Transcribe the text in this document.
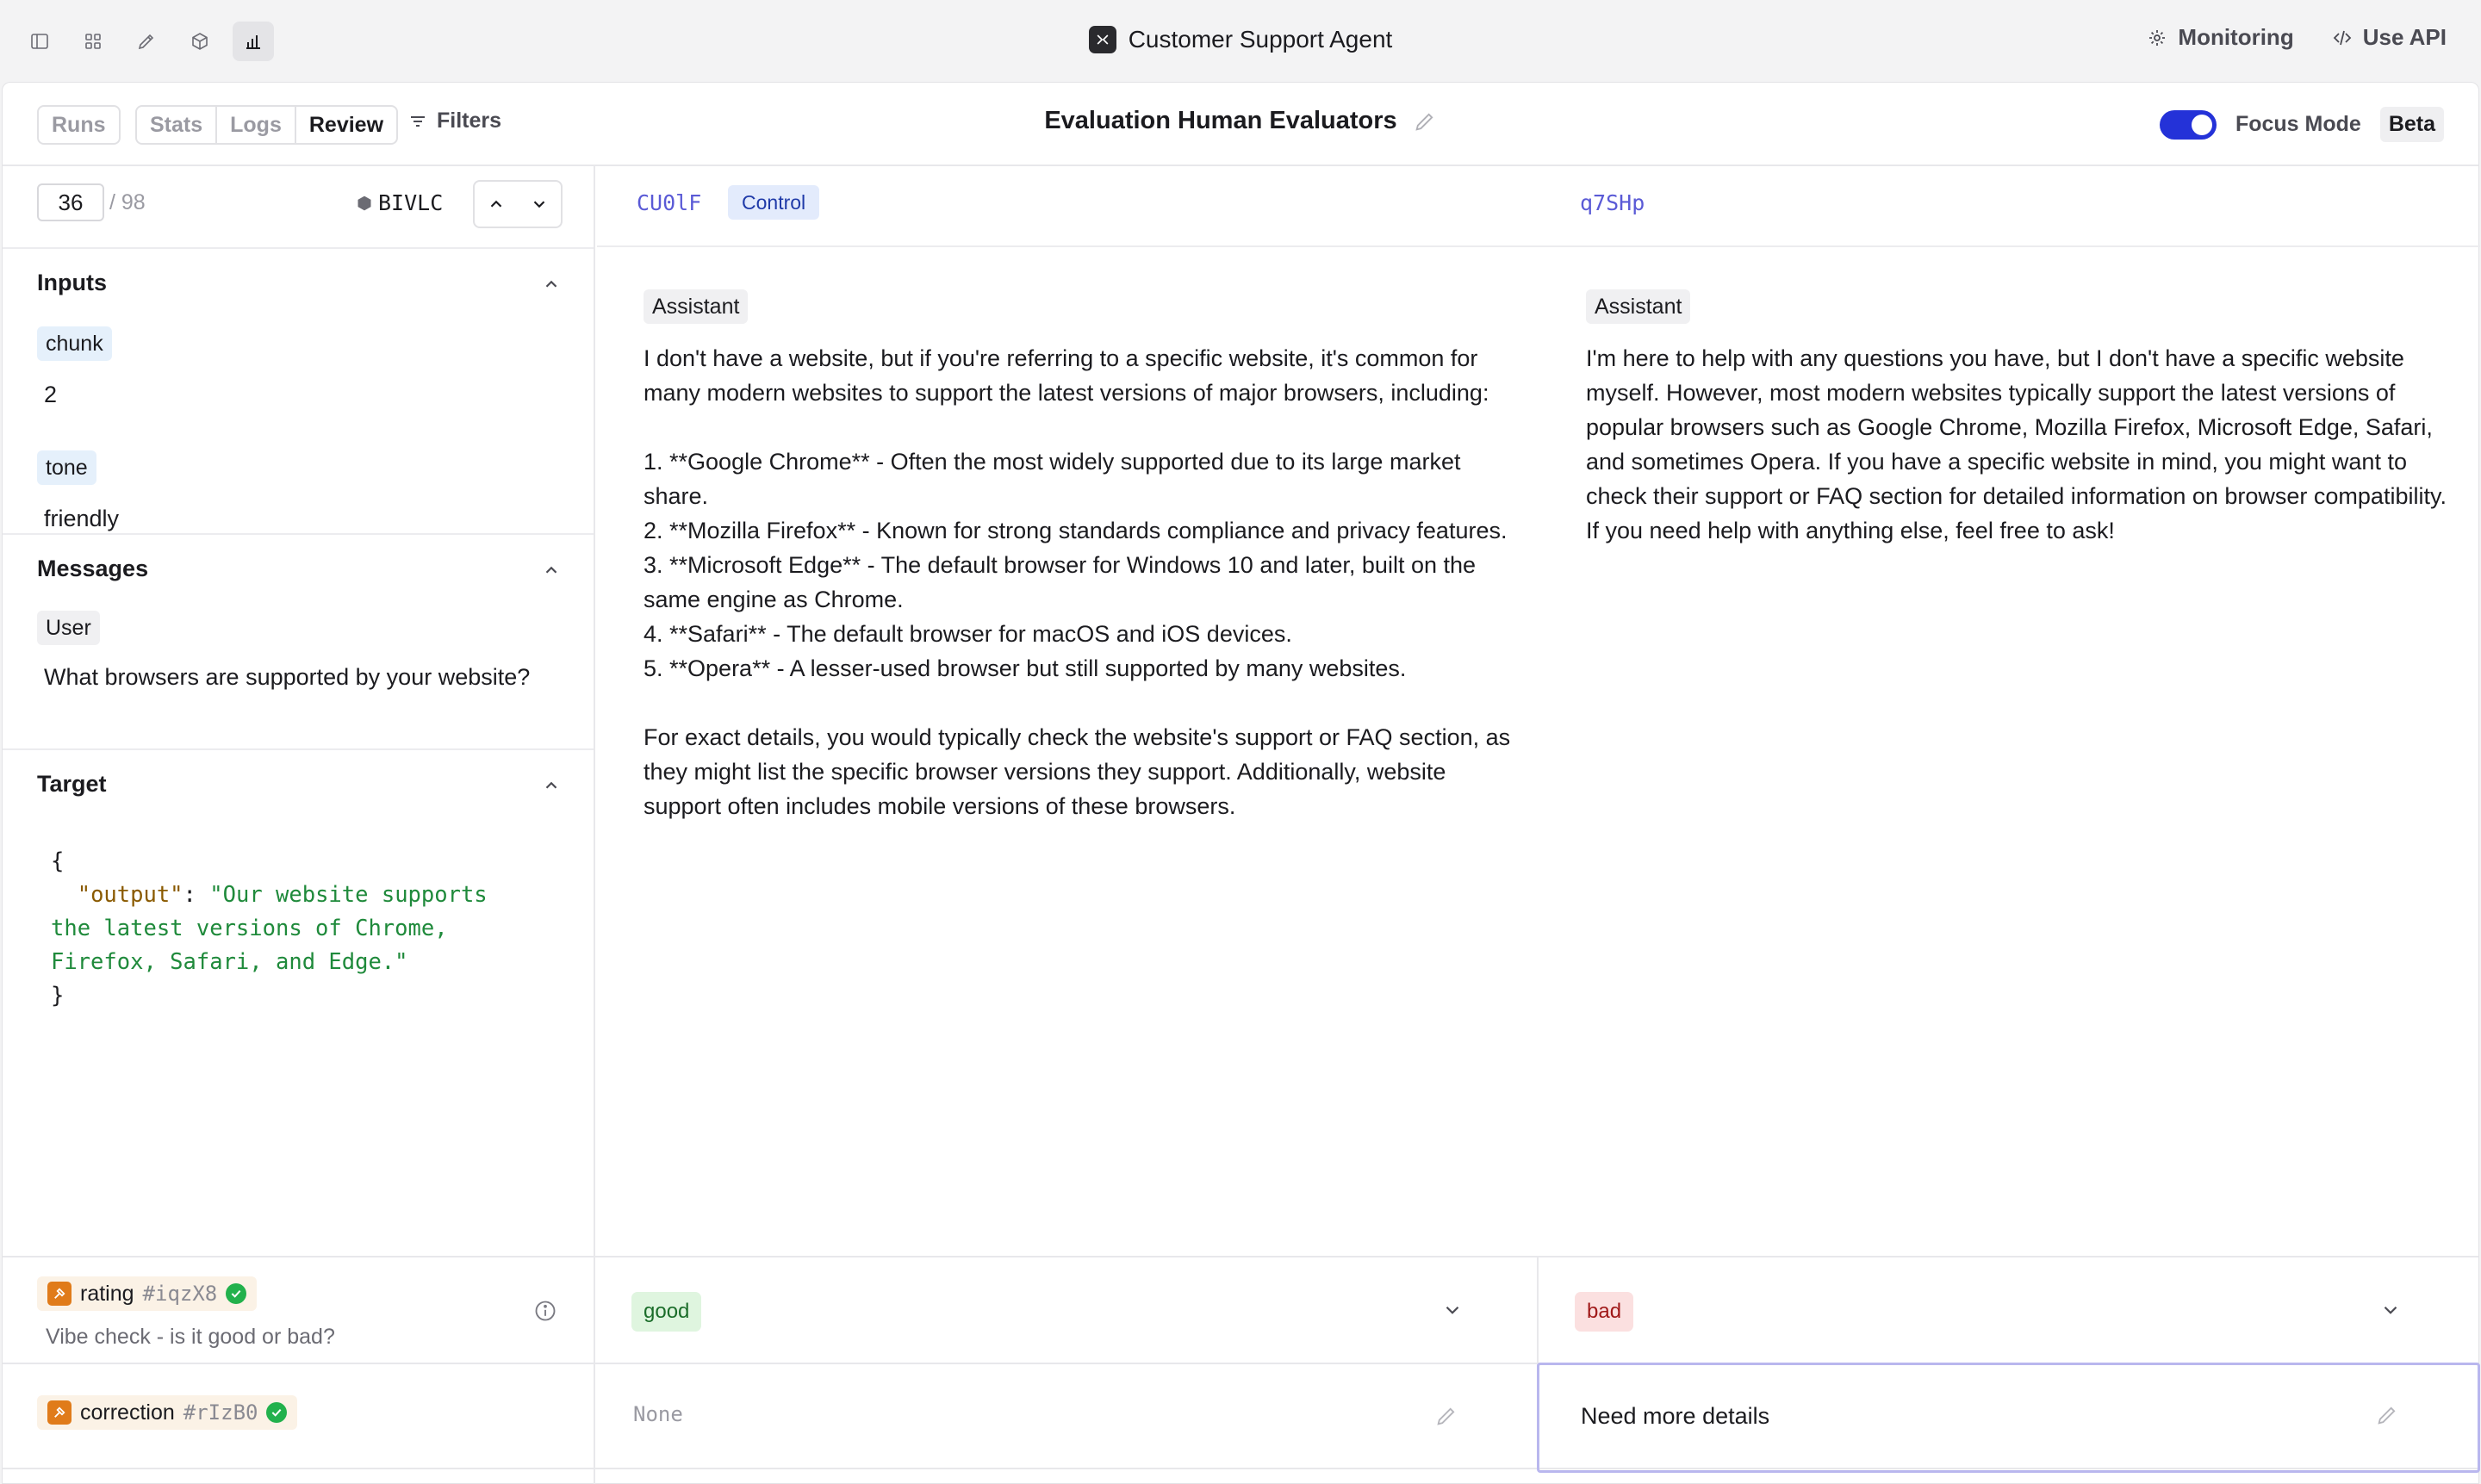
Customer Support Agent	Monitoring	Use API
Runs	Stats	Logs	Review	Filters	Evaluation Human Evaluators	Focus Mode	Beta
36	/ 98	BIVLC
Inputs
chunk
2
tone
friendly
Messages
User
What browsers are supported by your website?
Target
{
"output": "Our website supports
the latest versions of Chrome,
Firefox, Safari, and Edge."
}
CU0lF	Control	q7SHp
Assistant
I don't have a website, but if you're referring to a specific website, it's common for many modern websites to support the latest versions of major browsers, including:

1. **Google Chrome** - Often the most widely supported due to its large market share.
2. **Mozilla Firefox** - Known for strong standards compliance and privacy features.
3. **Microsoft Edge** - The default browser for Windows 10 and later, built on the same engine as Chrome.
4. **Safari** - The default browser for macOS and iOS devices.
5. **Opera** - A lesser-used browser but still supported by many websites.

For exact details, you would typically check the website's support or FAQ section, as they might list the specific browser versions they support. Additionally, website support often includes mobile versions of these browsers.
Assistant
I'm here to help with any questions you have, but I don't have a specific website myself. However, most modern websites typically support the latest versions of popular browsers such as Google Chrome, Mozilla Firefox, Microsoft Edge, Safari, and sometimes Opera. If you have a specific website in mind, you might want to check their support or FAQ section for detailed information on browser compatibility. If you need help with anything else, feel free to ask!
rating #iqzX8
Vibe check - is it good or bad?
good	bad
correction #rIzB0	None	Need more details
